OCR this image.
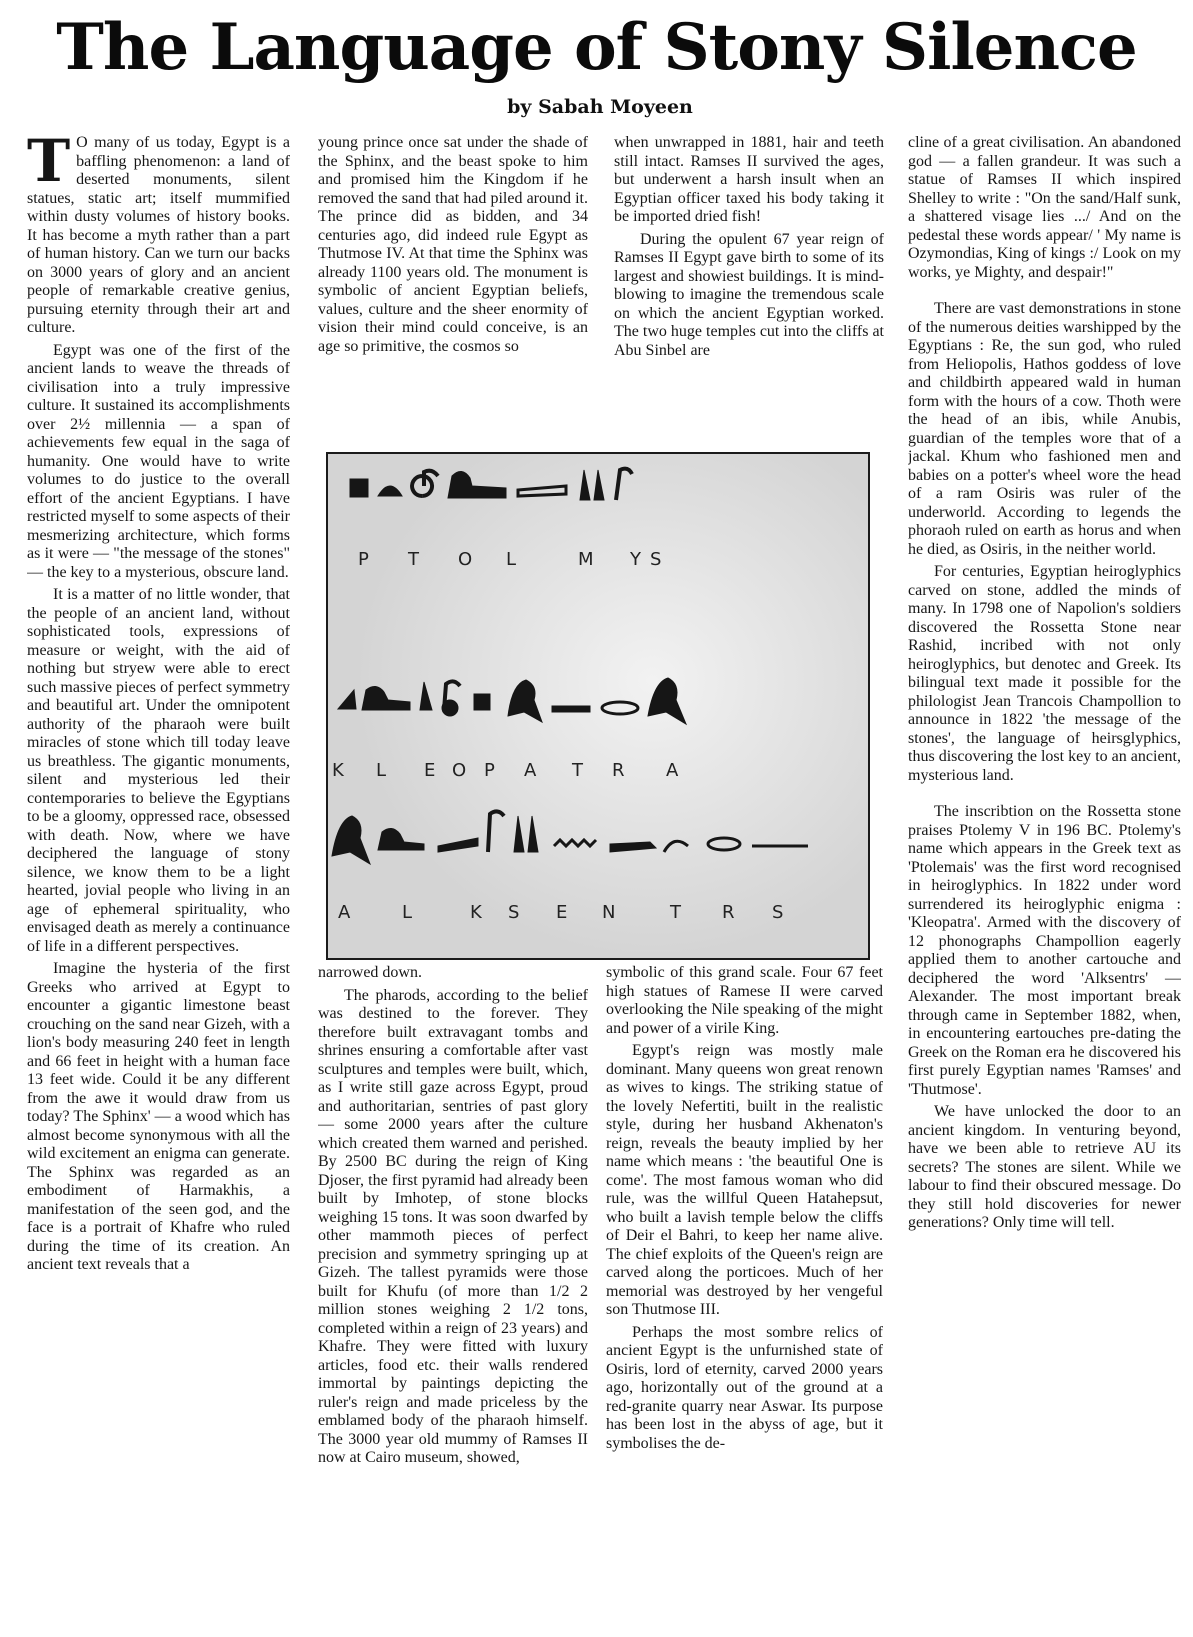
The Language of Stony Silence
by Sabah Moyeen

T O many of us today, Egypt is a baffling phenomenon: a land of deserted monuments, silent statues, static art; itself mummified within dusty volumes of history books. It has become a myth rather than a part of human history. Can we turn our backs on 3000 years of glory and an ancient people of remarkable creative genius, pursuing eternity through their art and culture.

Egypt was one of the first of the ancient lands to weave the threads of civilisation into a truly impressive culture. It sustained its accomplishments over 2½ millennia — a span of achievements few equal in the saga of humanity. One would have to write volumes to do justice to the overall effort of the ancient Egyptians. I have restricted myself to some aspects of their mesmerizing architecture, which forms as it were — "the message of the stones" — the key to a mysterious, obscure land.

It is a matter of no little wonder, that the people of an ancient land, without sophisticated tools, expressions of measure or weight, with the aid of nothing but stryew were able to erect such massive pieces of perfect symmetry and beautiful art. Under the omnipotent authority of the pharaoh were built miracles of stone which till today leave us breathless. The gigantic monuments, silent and mysterious led their contemporaries to believe the Egyptians to be a gloomy, oppressed race, obsessed with death. Now, where we have deciphered the language of stony silence, we know them to be a light hearted, jovial people who living in an age of ephemeral spirituality, who envisaged death as merely a continuance of life in a different perspectives.

Imagine the hysteria of the first Greeks who arrived at Egypt to encounter a gigantic limestone beast crouching on the sand near Gizeh, with a lion's body measuring 240 feet in length and 66 feet in height with a human face 13 feet wide. Could it be any different from the awe it would draw from us today? The Sphinx' — a wood which has almost become synonymous with all the wild excitement an enigma can generate. The Sphinx was regarded as an embodiment of Harmakhis, a manifestation of the seen god, and the face is a portrait of Khafre who ruled during the time of its creation. An ancient text reveals that a

young prince once sat under the shade of the Sphinx, and the beast spoke to him and promised him the Kingdom if he removed the sand that had piled around it. The prince did as bidden, and 34 centuries ago, did indeed rule Egypt as Thutmose IV. At that time the Sphinx was already 1100 years old. The monument is symbolic of ancient Egyptian beliefs, values, culture and the sheer enormity of vision their mind could conceive, is an age so primitive, the cosmos so

when unwrapped in 1881, hair and teeth still intact. Ramses II survived the ages, but underwent a harsh insult when an Egyptian officer taxed his body taking it be imported dried fish!

During the opulent 67 year reign of Ramses II Egypt gave birth to some of its largest and showiest buildings. It is mind-blowing to imagine the tremendous scale on which the ancient Egyptian worked. The two huge temples cut into the cliffs at Abu Sinbel are

P T O L	M Y S
K L E O P A T R A
A	L	K S E N	T R S

narrowed down.

The pharods, according to the belief was destined to the forever. They therefore built extravagant tombs and shrines ensuring a comfortable after vast sculptures and temples were built, which, as I write still gaze across Egypt, proud and authoritarian, sentries of past glory — some 2000 years after the culture which created them warned and perished. By 2500 BC during the reign of King Djoser, the first pyramid had already been built by Imhotep, of stone blocks weighing 15 tons. It was soon dwarfed by other mammoth pieces of perfect precision and symmetry springing up at Gizeh. The tallest pyramids were those built for Khufu (of more than 1/2 2 million stones weighing 2 1/2 tons, completed within a reign of 23 years) and Khafre. They were fitted with luxury articles, food etc. their walls rendered immortal by paintings depicting the ruler's reign and made priceless by the emblamed body of the pharaoh himself. The 3000 year old mummy of Ramses II now at Cairo museum, showed,

symbolic of this grand scale. Four 67 feet high statues of Ramese II were carved overlooking the Nile speaking of the might and power of a virile King.

Egypt's reign was mostly male dominant. Many queens won great renown as wives to kings. The striking statue of the lovely Nefertiti, built in the realistic style, during her husband Akhenaton's reign, reveals the beauty implied by her name which means : 'the beautiful One is come'. The most famous woman who did rule, was the willful Queen Hatahepsut, who built a lavish temple below the cliffs of Deir el Bahri, to keep her name alive. The chief exploits of the Queen's reign are carved along the porticoes. Much of her memorial was destroyed by her vengeful son Thutmose III.

Perhaps the most sombre relics of ancient Egypt is the unfurnished state of Osiris, lord of eternity, carved 2000 years ago, horizontally out of the ground at a red-granite quarry near Aswar. Its purpose has been lost in the abyss of age, but it symbolises the de-

cline of a great civilisation. An abandoned god — a fallen grandeur. It was such a statue of Ramses II which inspired Shelley to write : "On the sand/Half sunk, a shattered visage lies .../ And on the pedestal these words appear/ ' My name is Ozymondias, King of kings :/ Look on my works, ye Mighty, and despair!"

There are vast demonstrations in stone of the numerous deities warshipped by the Egyptians : Re, the sun god, who ruled from Heliopolis, Hathos goddess of love and childbirth appeared wald in human form with the hours of a cow. Thoth were the head of an ibis, while Anubis, guardian of the temples wore that of a jackal. Khum who fashioned men and babies on a potter's wheel wore the head of a ram Osiris was ruler of the underworld. According to legends the phoraoh ruled on earth as horus and when he died, as Osiris, in the neither world.

For centuries, Egyptian heiroglyphics carved on stone, addled the minds of many. In 1798 one of Napolion's soldiers discovered the Rossetta Stone near Rashid, incribed with not only heiroglyphics, but denotec and Greek. Its bilingual text made it possible for the philologist Jean Trancois Champollion to announce in 1822 'the message of the stones', the language of heirsglyphics, thus discovering the lost key to an ancient, mysterious land.

The inscribtion on the Rossetta stone praises Ptolemy V in 196 BC. Ptolemy's name which appears in the Greek text as 'Ptolemais' was the first word recognised in heiroglyphics. In 1822 under word surrendered its heiroglyphic enigma : 'Kleopatra'. Armed with the discovery of 12 phonographs Champollion eagerly applied them to another cartouche and deciphered the word 'Alksentrs' — Alexander. The most important break through came in September 1882, when, in encountering eartouches pre-dating the Greek on the Roman era he discovered his first purely Egyptian names 'Ramses' and 'Thutmose'.

We have unlocked the door to an ancient kingdom. In venturing beyond, have we been able to retrieve AU its secrets? The stones are silent. While we labour to find their obscured message. Do they still hold discoveries for newer generations? Only time will tell.
